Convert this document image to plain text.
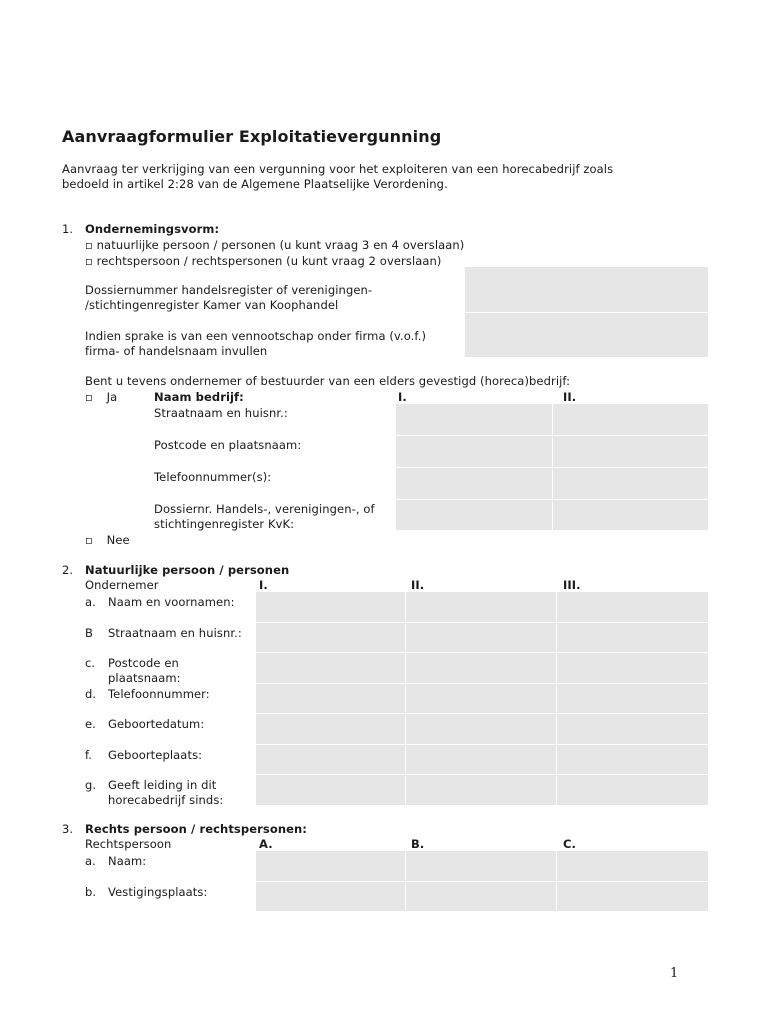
Aanvraagformulier Exploitatievergunning
Aanvraag ter verkrijging van een vergunning voor het exploiteren van een horecabedrijf zoals
bedoeld in artikel 2:28 van de Algemene Plaatselijke Verordening.
1. Ondernemingsvorm:
▫ natuurlijke persoon / personen (u kunt vraag 3 en 4 overslaan)
▫ rechtspersoon / rechtspersonen (u kunt vraag 2 overslaan)
Dossiernummer handelsregister of verenigingen-
/stichtingenregister Kamer van Koophandel
Indien sprake is van een vennootschap onder firma (v.o.f.)
firma- of handelsnaam invullen
Bent u tevens ondernemer of bestuurder van een elders gevestigd (horeca)bedrijf:
▫ Ja	Naam bedrijf:	I.	II.
Straatnaam en huisnr.:
Postcode en plaatsnaam:
Telefoonnummer(s):
Dossiernr. Handels-, verenigingen-, of
stichtingenregister KvK:
▫ Nee
2. Natuurlijke persoon / personen
Ondernemer	I.	II.	III.
a. Naam en voornamen:
B Straatnaam en huisnr.:
c. Postcode en
plaatsnaam:
d. Telefoonnummer:
e. Geboortedatum:
f. Geboorteplaats:
g. Geeft leiding in dit
horecabedrijf sinds:
3. Rechts persoon / rechtspersonen:
Rechtspersoon	A.	B.	C.
a. Naam:
b. Vestigingsplaats:
1
